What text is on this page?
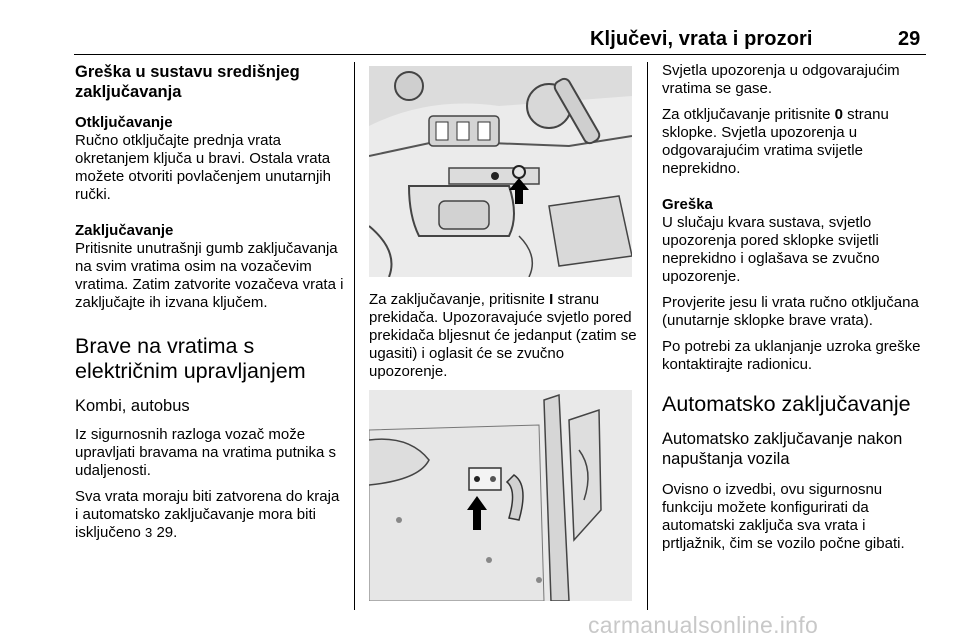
Ključevi, vrata i prozori	29
Greška u sustavu središnjeg zaključavanja
Otključavanje

Ručno otključajte prednja vrata okretanjem ključa u bravi. Ostala vrata možete otvoriti povlačenjem unutarnjih ručki.

Zaključavanje

Pritisnite unutrašnji gumb zaključavanja na svim vratima osim na vozačevim vratima. Zatim zatvorite vozačeva vrata i zaključajte ih izvana ključem.

Brave na vratima s električnim upravljanjem
Kombi, autobus

Iz sigurnosnih razloga vozač može upravljati bravama na vratima putnika s udaljenosti.

Sva vrata moraju biti zatvorena do kraja i automatsko zaključavanje mora biti isključeno 3 29.

Za zaključavanje, pritisnite I stranu prekidača. Upozoravajuće svjetlo pored prekidača bljesnut će jedanput (zatim se ugasiti) i oglasit će se zvučno upozorenje.

Svjetla upozorenja u odgovarajućim vratima se gase.

Za otključavanje pritisnite 0 stranu sklopke. Svjetla upozorenja u odgovarajućim vratima svijetle neprekidno.

Greška

U slučaju kvara sustava, svjetlo upozorenja pored sklopke svijetli neprekidno i oglašava se zvučno upozorenje.

Provjerite jesu li vrata ručno otključana (unutarnje sklopke brave vrata).

Po potrebi za uklanjanje uzroka greške kontaktirajte radionicu.

Automatsko zaključavanje
Automatsko zaključavanje nakon napuštanja vozila

Ovisno o izvedbi, ovu sigurnosnu funkciju možete konfigurirati da automatski zaključa sva vrata i prtljažnik, čim se vozilo počne gibati.

carmanualsonline.info
